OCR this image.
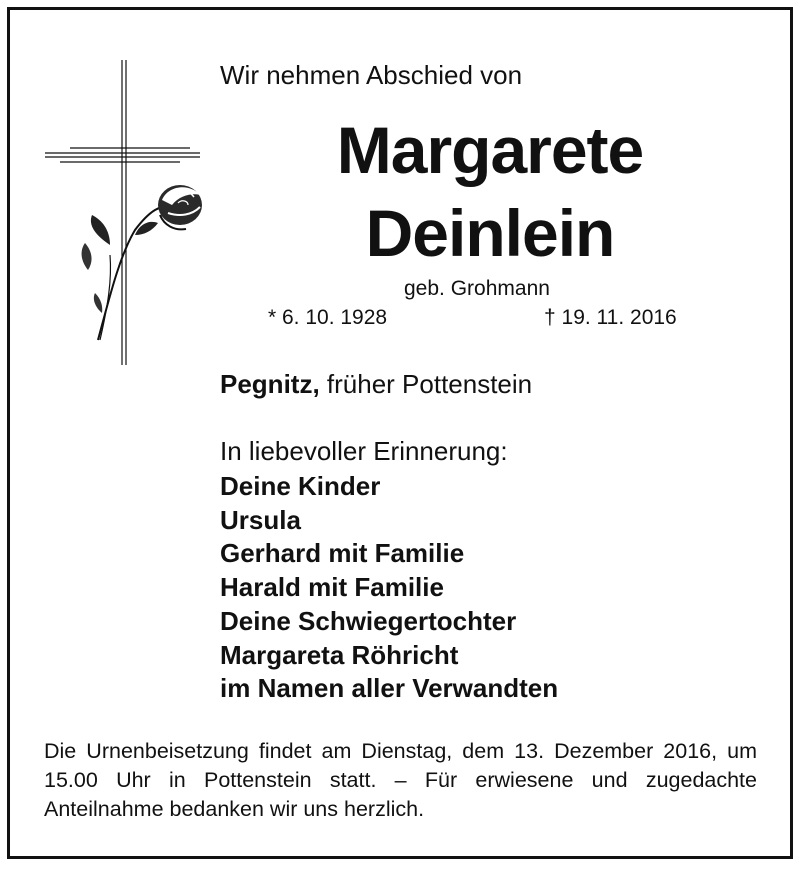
Wir nehmen Abschied von
Margarete
Deinlein
geb. Grohmann
* 6. 10. 1928	† 19. 11. 2016
Pegnitz, früher Pottenstein
In liebevoller Erinnerung:
Deine Kinder
Ursula
Gerhard mit Familie
Harald mit Familie
Deine Schwiegertochter
Margareta Röhricht
im Namen aller Verwandten
Die Urnenbeisetzung findet am Dienstag, dem 13. Dezember 2016, um 15.00 Uhr in Pottenstein statt. – Für erwiesene und zugedachte Anteilnahme bedanken wir uns herzlich.
